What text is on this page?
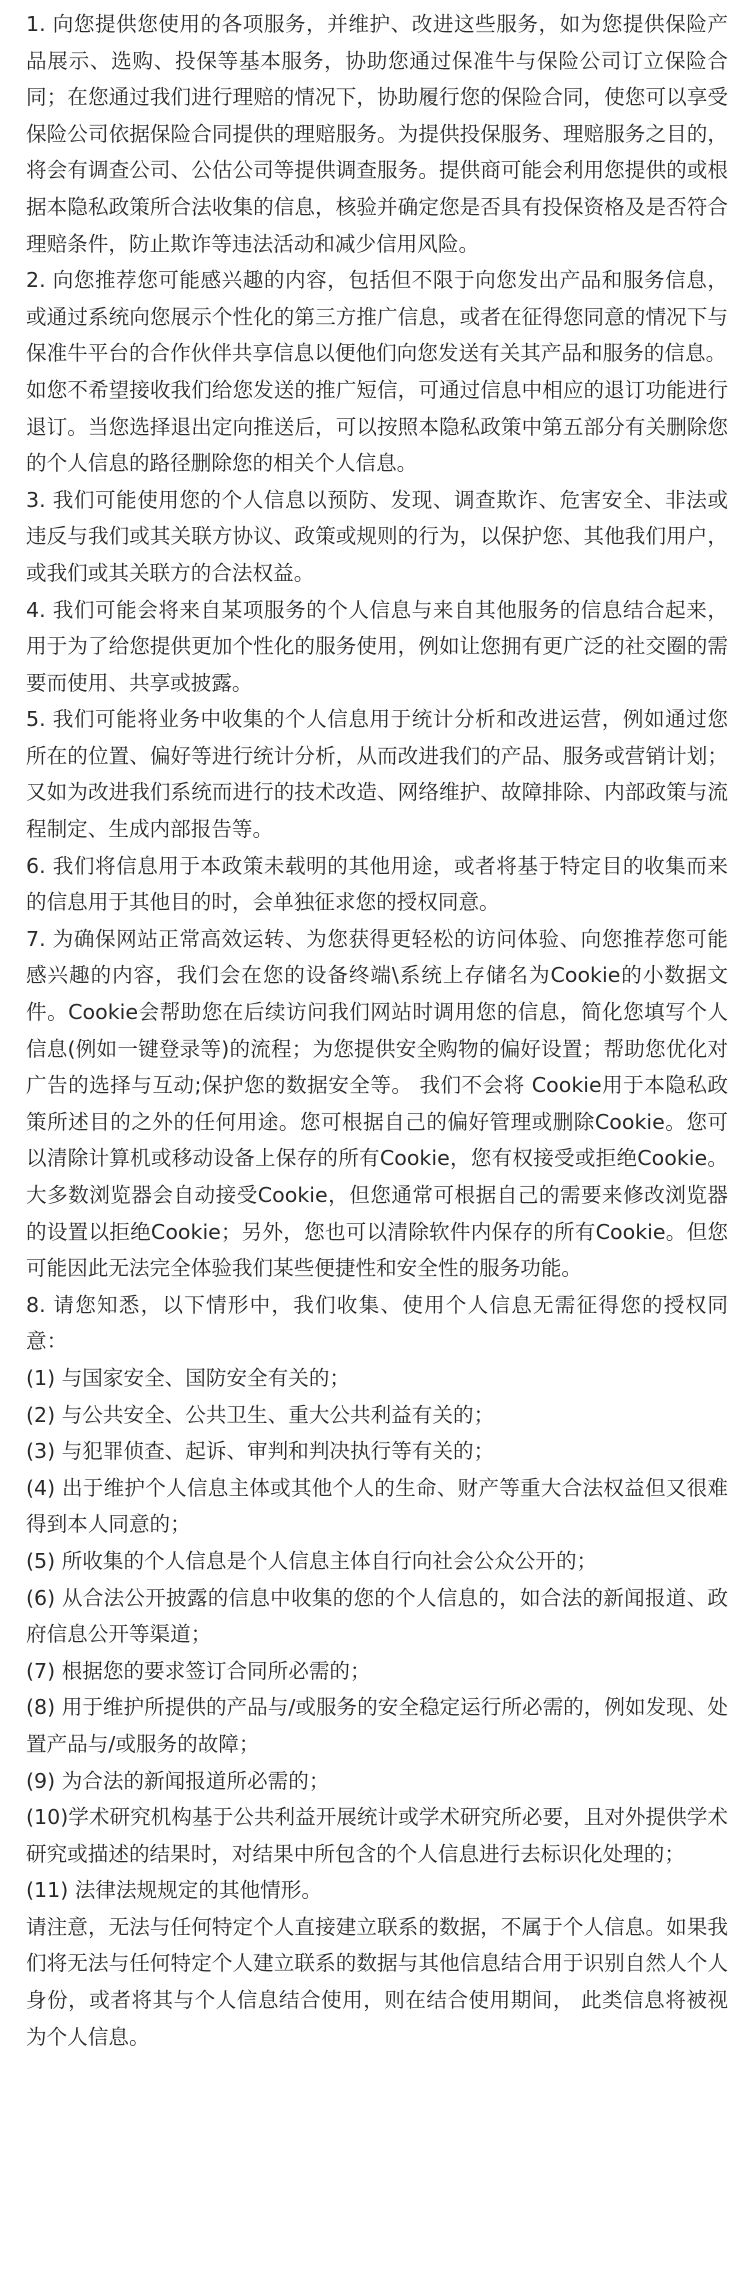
1. 向您提供您使用的各项服务，并维护、改进这些服务，如为您提供保险产品展示、选购、投保等基本服务，协助您通过保准牛与保险公司订立保险合同；在您通过我们进行理赔的情况下，协助履行您的保险合同，使您可以享受保险公司依据保险合同提供的理赔服务。为提供投保服务、理赔服务之目的，将会有调查公司、公估公司等提供调查服务。提供商可能会利用您提供的或根据本隐私政策所合法收集的信息，核验并确定您是否具有投保资格及是否符合理赔条件，防止欺诈等违法活动和减少信用风险。

2. 向您推荐您可能感兴趣的内容，包括但不限于向您发出产品和服务信息，或通过系统向您展示个性化的第三方推广信息，或者在征得您同意的情况下与保准牛平台的合作伙伴共享信息以便他们向您发送有关其产品和服务的信息。

如您不希望接收我们给您发送的推广短信，可通过信息中相应的退订功能进行退订。当您选择退出定向推送后，可以按照本隐私政策中第五部分有关删除您的个人信息的路径删除您的相关个人信息。

3. 我们可能使用您的个人信息以预防、发现、调查欺诈、危害安全、非法或违反与我们或其关联方协议、政策或规则的行为，以保护您、其他我们用户，或我们或其关联方的合法权益。

4. 我们可能会将来自某项服务的个人信息与来自其他服务的信息结合起来，用于为了给您提供更加个性化的服务使用，例如让您拥有更广泛的社交圈的需要而使用、共享或披露。

5. 我们可能将业务中收集的个人信息用于统计分析和改进运营，例如通过您所在的位置、偏好等进行统计分析，从而改进我们的产品、服务或营销计划；又如为改进我们系统而进行的技术改造、网络维护、故障排除、内部政策与流程制定、生成内部报告等。

6. 我们将信息用于本政策未载明的其他用途，或者将基于特定目的收集而来的信息用于其他目的时，会单独征求您的授权同意。

7. 为确保网站正常高效运转、为您获得更轻松的访问体验、向您推荐您可能感兴趣的内容，我们会在您的设备终端\系统上存储名为Cookie的小数据文件。Cookie会帮助您在后续访问我们网站时调用您的信息，简化您填写个人信息(例如一键登录等)的流程；为您提供安全购物的偏好设置；帮助您优化对广告的选择与互动;保护您的数据安全等。 我们不会将 Cookie用于本隐私政策所述目的之外的任何用途。您可根据自己的偏好管理或删除Cookie。您可以清除计算机或移动设备上保存的所有Cookie，您有权接受或拒绝Cookie。大多数浏览器会自动接受Cookie，但您通常可根据自己的需要来修改浏览器的设置以拒绝Cookie；另外，您也可以清除软件内保存的所有Cookie。但您可能因此无法完全体验我们某些便捷性和安全性的服务功能。

8. 请您知悉，以下情形中，我们收集、使用个人信息无需征得您的授权同意：

(1) 与国家安全、国防安全有关的；

(2) 与公共安全、公共卫生、重大公共利益有关的；

(3) 与犯罪侦查、起诉、审判和判决执行等有关的；

(4) 出于维护个人信息主体或其他个人的生命、财产等重大合法权益但又很难得到本人同意的；

(5) 所收集的个人信息是个人信息主体自行向社会公众公开的；

(6) 从合法公开披露的信息中收集的您的个人信息的，如合法的新闻报道、政府信息公开等渠道；

(7) 根据您的要求签订合同所必需的；

(8) 用于维护所提供的产品与/或服务的安全稳定运行所必需的，例如发现、处置产品与/或服务的故障；

(9) 为合法的新闻报道所必需的；

(10)学术研究机构基于公共利益开展统计或学术研究所必要，且对外提供学术研究或描述的结果时，对结果中所包含的个人信息进行去标识化处理的；

(11) 法律法规规定的其他情形。

请注意，无法与任何特定个人直接建立联系的数据，不属于个人信息。如果我们将无法与任何特定个人建立联系的数据与其他信息结合用于识别自然人个人身份，或者将其与个人信息结合使用，则在结合使用期间， 此类信息将被视为个人信息。
